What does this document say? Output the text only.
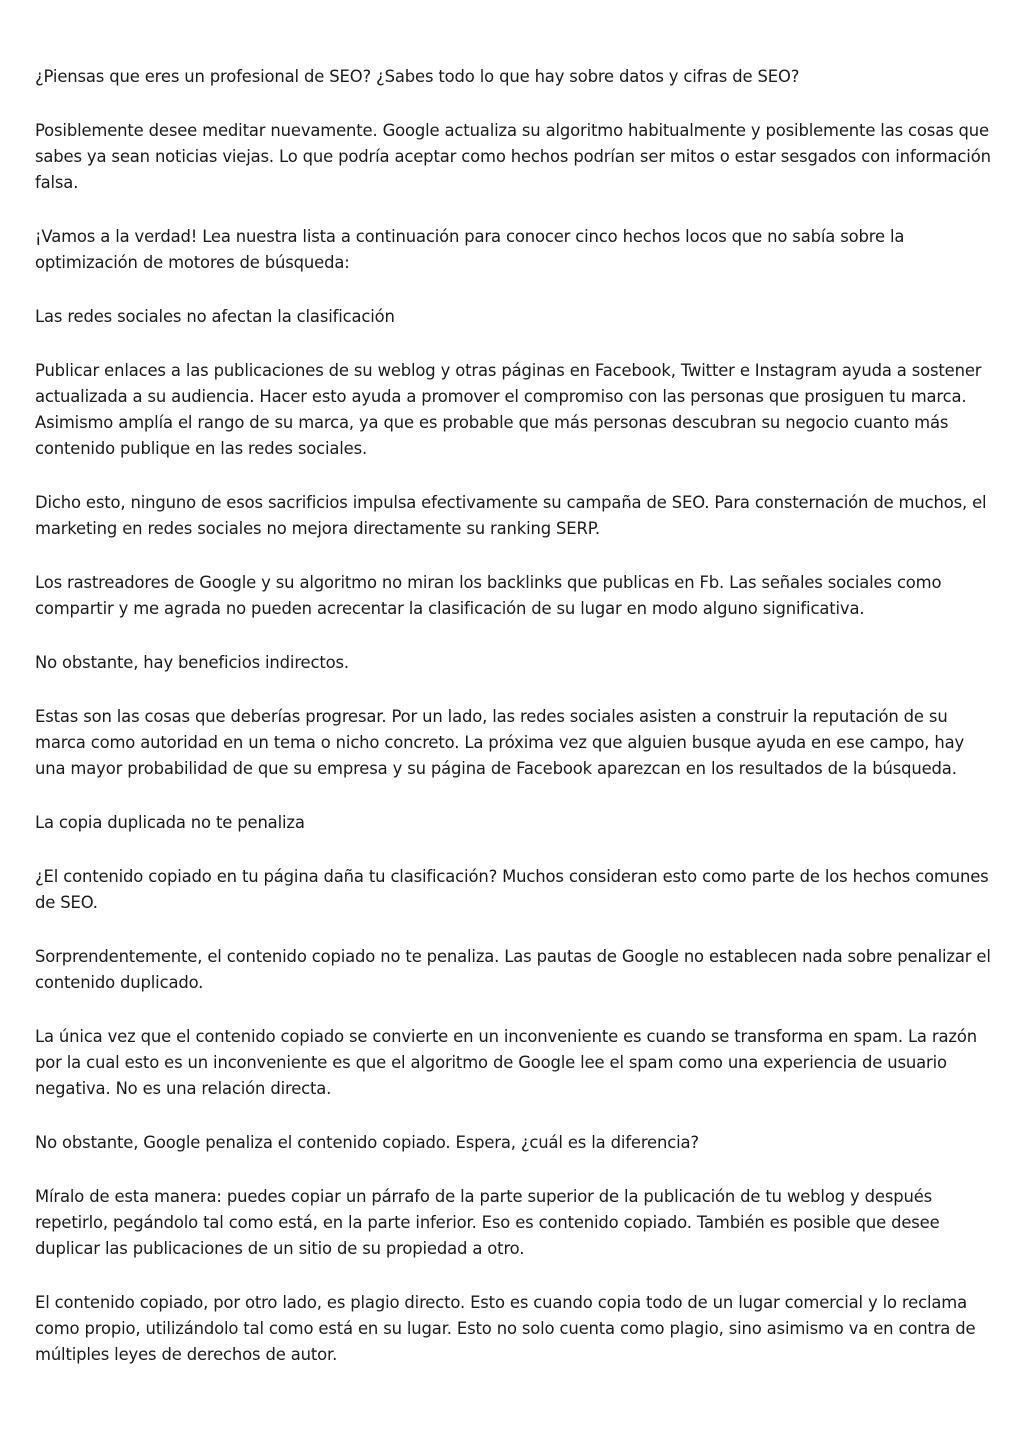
¿Piensas que eres un profesional de SEO? ¿Sabes todo lo que hay sobre datos y cifras de SEO?

Posiblemente desee meditar nuevamente. Google actualiza su algoritmo habitualmente y posiblemente las cosas que sabes ya sean noticias viejas. Lo que podría aceptar como hechos podrían ser mitos o estar sesgados con información falsa.

¡Vamos a la verdad! Lea nuestra lista a continuación para conocer cinco hechos locos que no sabía sobre la optimización de motores de búsqueda:

Las redes sociales no afectan la clasificación

Publicar enlaces a las publicaciones de su weblog y otras páginas en Facebook, Twitter e Instagram ayuda a sostener actualizada a su audiencia. Hacer esto ayuda a promover el compromiso con las personas que prosiguen tu marca. Asimismo amplía el rango de su marca, ya que es probable que más personas descubran su negocio cuanto más contenido publique en las redes sociales.

Dicho esto, ninguno de esos sacrificios impulsa efectivamente su campaña de SEO. Para consternación de muchos, el marketing en redes sociales no mejora directamente su ranking SERP.

Los rastreadores de Google y su algoritmo no miran los backlinks que publicas en Fb. Las señales sociales como compartir y me agrada no pueden acrecentar la clasificación de su lugar en modo alguno significativa.

No obstante, hay beneficios indirectos.

Estas son las cosas que deberías progresar. Por un lado, las redes sociales asisten a construir la reputación de su marca como autoridad en un tema o nicho concreto. La próxima vez que alguien busque ayuda en ese campo, hay una mayor probabilidad de que su empresa y su página de Facebook aparezcan en los resultados de la búsqueda.

La copia duplicada no te penaliza

¿El contenido copiado en tu página daña tu clasificación? Muchos consideran esto como parte de los hechos comunes de SEO.

Sorprendentemente, el contenido copiado no te penaliza. Las pautas de Google no establecen nada sobre penalizar el contenido duplicado.

La única vez que el contenido copiado se convierte en un inconveniente es cuando se transforma en spam. La razón por la cual esto es un inconveniente es que el algoritmo de Google lee el spam como una experiencia de usuario negativa. No es una relación directa.

No obstante, Google penaliza el contenido copiado. Espera, ¿cuál es la diferencia?

Míralo de esta manera: puedes copiar un párrafo de la parte superior de la publicación de tu weblog y después repetirlo, pegándolo tal como está, en la parte inferior. Eso es contenido copiado. También es posible que desee duplicar las publicaciones de un sitio de su propiedad a otro.

El contenido copiado, por otro lado, es plagio directo. Esto es cuando copia todo de un lugar comercial y lo reclama como propio, utilizándolo tal como está en su lugar. Esto no solo cuenta como plagio, sino asimismo va en contra de múltiples leyes de derechos de autor.
